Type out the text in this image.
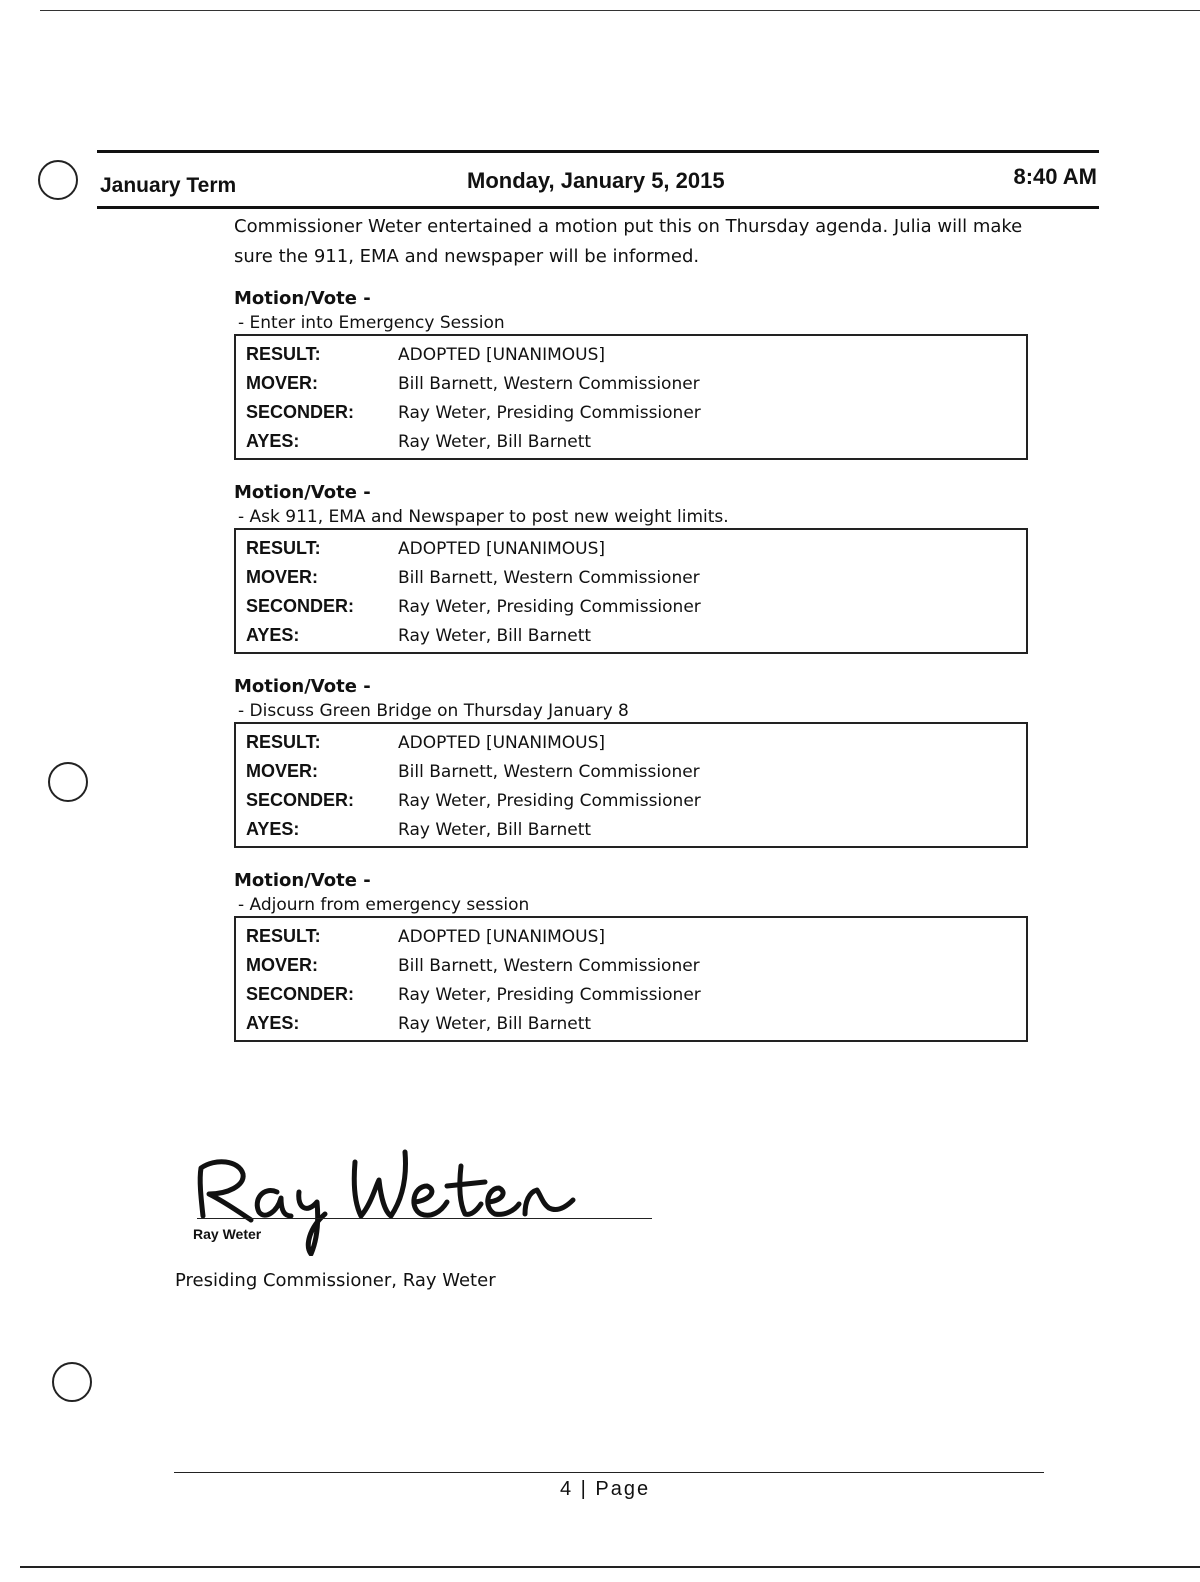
January Term	Monday, January 5, 2015	8:40 AM

Commissioner Weter entertained a motion put this on Thursday agenda. Julia will make sure the 911, EMA and newspaper will be informed.

Motion/Vote -
- Enter into Emergency Session
RESULT:	ADOPTED [UNANIMOUS]
MOVER:	Bill Barnett, Western Commissioner
SECONDER:	Ray Weter, Presiding Commissioner
AYES:	Ray Weter, Bill Barnett
Motion/Vote -
- Ask 911, EMA and Newspaper to post new weight limits.
RESULT:	ADOPTED [UNANIMOUS]
MOVER:	Bill Barnett, Western Commissioner
SECONDER:	Ray Weter, Presiding Commissioner
AYES:	Ray Weter, Bill Barnett
Motion/Vote -
- Discuss Green Bridge on Thursday January 8
RESULT:	ADOPTED [UNANIMOUS]
MOVER:	Bill Barnett, Western Commissioner
SECONDER:	Ray Weter, Presiding Commissioner
AYES:	Ray Weter, Bill Barnett
Motion/Vote -
- Adjourn from emergency session
RESULT:	ADOPTED [UNANIMOUS]
MOVER:	Bill Barnett, Western Commissioner
SECONDER:	Ray Weter, Presiding Commissioner
AYES:	Ray Weter, Bill Barnett
Ray Weter
Presiding Commissioner, Ray Weter
4 | Page
